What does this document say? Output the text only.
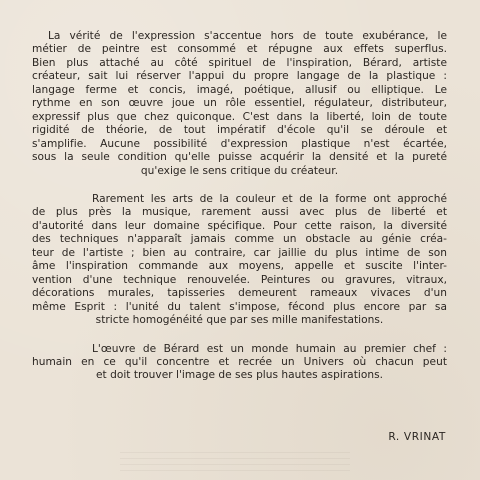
La vérité de l'expression s'accentue hors de toute exubérance, le
métier de peintre est consommé et répugne aux effets superflus.
Bien plus attaché au côté spirituel de l'inspiration, Bérard, artiste
créateur, sait lui réserver l'appui du propre langage de la plastique :
langage ferme et concis, imagé, poétique, allusif ou elliptique. Le
rythme en son œuvre joue un rôle essentiel, régulateur, distributeur,
expressif plus que chez quiconque. C'est dans la liberté, loin de toute
rigidité de théorie, de tout impératif d'école qu'il se déroule et
s'amplifie. Aucune possibilité d'expression plastique n'est écartée,
sous la seule condition qu'elle puisse acquérir la densité et la pureté
qu'exige le sens critique du créateur.
Rarement les arts de la couleur et de la forme ont approché
de plus près la musique, rarement aussi avec plus de liberté et
d'autorité dans leur domaine spécifique. Pour cette raison, la diversité
des techniques n'apparaît jamais comme un obstacle au génie créa-
teur de l'artiste ; bien au contraire, car jaillie du plus intime de son
âme l'inspiration commande aux moyens, appelle et suscite l'inter-
vention d'une technique renouvelée. Peintures ou gravures, vitraux,
décorations murales, tapisseries demeurent rameaux vivaces d'un
même Esprit : l'unité du talent s'impose, fécond plus encore par sa
stricte homogénéité que par ses mille manifestations.
L'œuvre de Bérard est un monde humain au premier chef :
humain en ce qu'il concentre et recrée un Univers où chacun peut
et doit trouver l'image de ses plus hautes aspirations.
R. VRINAT
